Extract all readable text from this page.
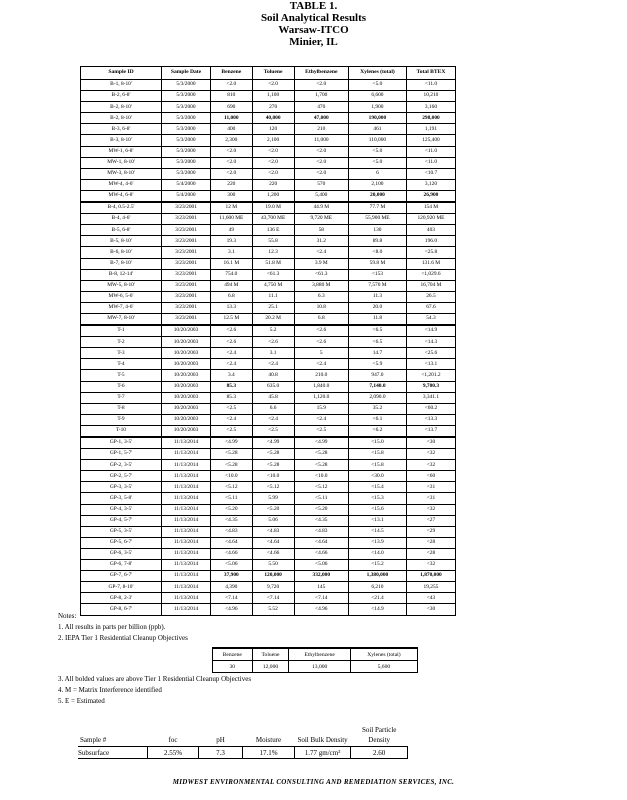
TABLE 1.
Soil Analytical Results
Warsaw-ITCO
Minier, IL
Sample ID	Sample Date	Benzene	Toluene	Ethylbenzene	Xylenes (total)	Total BTEX
B-1, 8-10'	5/3/2000	<2.0	<2.0	<2.0	<5.0	<11.0
B-2, 6-8'	5/3/2000	810	1,100	1,700	6,600	10,210
B-2, 8-10'	5/3/2000	690	270	470	1,900	3,160
B-2, 8-10'	5/3/2000	11,000	40,000	47,000	190,000	298,000
B-3, 6-8'	5/3/2000	400	120	210	461	1,191
B-3, 8-10'	5/3/2000	2,300	2,100	11,000	110,000	125,400
MW-1, 6-8'	5/3/2000	<2.0	<2.0	<2.0	<5.0	<11.0
MW-1, 8-10'	5/3/2000	<2.0	<2.0	<2.0	<5.0	<11.0
MW-3, 8-10'	5/3/2000	<2.0	<2.0	<2.0	6	<10.7
MW-4, 4-6'	5/4/2000	220	220	570	2,100	3,120
MW-4, 6-8'	5/4/2000	300	1,200	5,400	20,000	26,900
B-4, 0.5-2.5'	3/23/2001	12 M	19.0 M	44.9 M	77.7 M	154 M
B-4, 4-6'	3/23/2001	11,600 ME	43,700 ME	9,720 ME	55,900 ME	120,920 ME
B-5, 6-8'	3/23/2001	49	136 E	58	130	403
B-5, 8-10'	3/23/2001	19.3	55.8	31.2	89.8	196.0
B-6, 8-10'	3/23/2001	3.1	12.3	<2.4	<8.0	<25.8
B-7, 8-10'	3/23/2001	16.1 M	51.8 M	3.9 M	59.8 M	131.6 M
B-8, 12-14'	3/23/2001	754.0	<61.3	<61.3	<153	<1,029.6
MW-5, 8-10'	3/23/2001	494 M	4,750 M	3,880 M	7,570 M	16,704 M
MW-6, 5-6'	3/23/2001	6.8	11.1	6.3	11.3	26.5
MW-7, 4-6'	3/23/2001	13.3	25.1	10.8	20.0	67.6
MW-7, 8-10'	3/23/2001	12.5 M	20.2 M	6.8	11.8	54.3
T-1	10/20/2003	<2.6	5.2	<2.6	<6.5	<14.9
T-2	10/20/2003	<2.6	<2.6	<2.6	<6.5	<14.3
T-3	10/20/2003	<2.4	3.1	5	14.7	<25.6
T-4	10/20/2003	<2.4	<2.4	<2.4	<5.9	<13.1
T-5	10/20/2003	3.4	40.8	210.0	947.0	<1,201.2
T-6	10/20/2003	85.3	635.0	1,840.0	7,140.0	9,700.3
T-7	10/20/2003	85.3	45.8	1,120.0	2,090.0	3,341.1
T-8	10/20/2003	<2.5	6.6	15.9	35.2	<60.2
T-9	10/20/2003	<2.4	<2.4	<2.4	<6.1	<13.3
T-10	10/20/2003	<2.5	<2.5	<2.5	<6.2	<13.7
GP-1, 3-5'	11/13/2014	<4.99	<4.99	<4.99	<15.0	<30
GP-1, 5-7'	11/13/2014	<5.28	<5.28	<5.28	<15.8	<32
GP-2, 3-5'	11/13/2014	<5.28	<5.28	<5.28	<15.8	<32
GP-2, 5-7'	11/13/2014	<10.0	<10.0	<10.0	<30.0	<60
GP-3, 3-5'	11/13/2014	<5.12	<5.12	<5.12	<15.4	<31
GP-3, 5-8'	11/13/2014	<5.11	5.99	<5.11	<15.3	<31
GP-4, 3-5'	11/13/2014	<5.20	<5.20	<5.20	<15.6	<32
GP-4, 5-7'	11/13/2014	<4.35	5.06	<4.35	<13.1	<27
GP-5, 3-5'	11/13/2014	<4.83	<4.83	<4.83	<14.5	<29
GP-5, 6-7'	11/13/2014	<4.64	<4.64	<4.64	<13.9	<28
GP-6, 3-5'	11/13/2014	<4.66	<4.66	<4.66	<14.0	<28
GP-6, 7-8'	11/13/2014	<5.06	5.50	<5.06	<15.2	<32
GP-7, 6-7'	11/13/2014	37,900	120,000	332,000	1,380,000	1,870,000
GP-7, 8-10'	11/13/2014	4,390	9,720	145	6,210	19,255
GP-8, 2-3'	11/13/2014	<7.14	<7.14	<7.14	<21.4	<43
GP-8, 6-7'	11/13/2014	<4.96	5.52	<4.96	<14.9	<30
Notes:
1. All results in parts per billion (ppb).
2. IEPA Tier 1 Residential Cleanup Objectives
Benzene	Toluene	Ethylbenzene	Xylenes (total)
30	12,000	13,000	5,600
3. All bolded values are above Tier 1 Residential Cleanup Objectives
4. M = Matrix Interference identified
5. E = Estimated
Sample #	foc	pH	Moisture	Soil Bulk Density	Soil Particle Density
Subsurface	2.55%	7.3	17.1%	1.77 gm/cm³	2.60
MIDWEST ENVIRONMENTAL CONSULTING AND REMEDIATION SERVICES, INC.
